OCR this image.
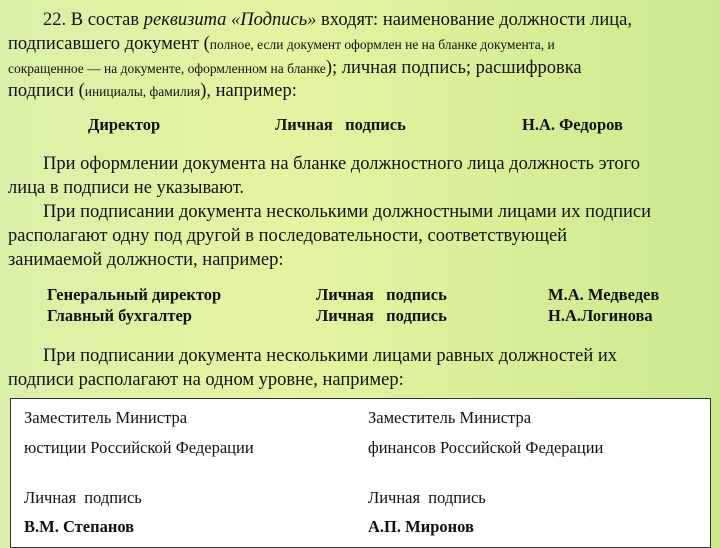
22. В состав реквизита «Подпись» входят: наименование должности лица,
подписавшего документ (полное, если документ оформлен не на бланке документа, и
сокращенное — на документе, оформленном на бланке); личная подпись; расшифровка
подписи (инициалы, фамилия), например:
Директор	Личная   подпись	Н.А. Федоров
При оформлении документа на бланке должностного лица должность этого
лица в подписи не указывают.
При подписании документа несколькими должностными лицами их подписи
располагают одну под другой в последовательности, соответствующей
занимаемой должности, например:
Генеральный директор	Личная   подпись	М.А. Медведев
Главный бухгалтер	Личная   подпись	Н.А.Логинова
При подписании документа несколькими лицами равных должностей их
подписи располагают на одном уровне, например:
Заместитель Министра
юстиции Российской Федерации
Личная  подпись
В.М. Степанов
Заместитель Министра
финансов Российской Федерации
Личная  подпись
А.П. Миронов
